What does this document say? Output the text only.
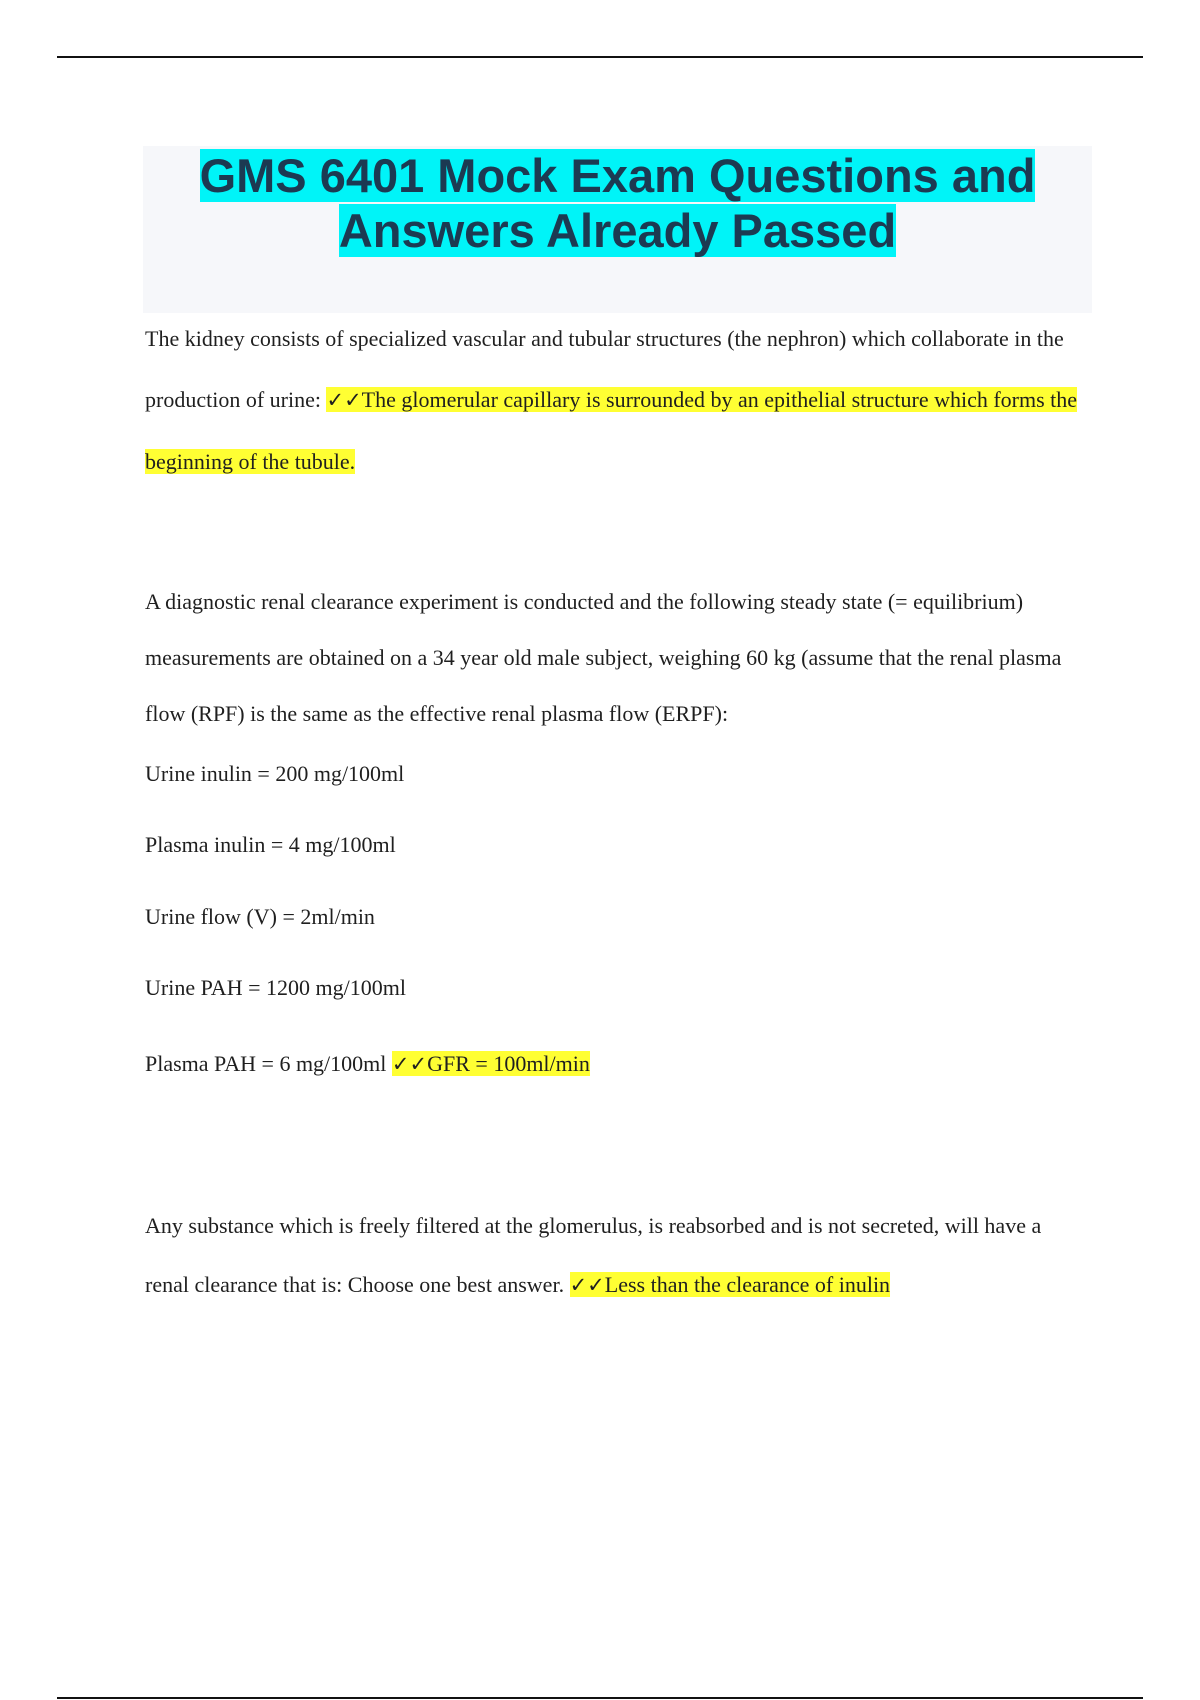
GMS 6401 Mock Exam Questions and Answers Already Passed

The kidney consists of specialized vascular and tubular structures (the nephron) which collaborate in the production of urine: ✓✓The glomerular capillary is surrounded by an epithelial structure which forms the beginning of the tubule.

A diagnostic renal clearance experiment is conducted and the following steady state (= equilibrium) measurements are obtained on a 34 year old male subject, weighing 60 kg (assume that the renal plasma flow (RPF) is the same as the effective renal plasma flow (ERPF):

Urine inulin = 200 mg/100ml

Plasma inulin = 4 mg/100ml

Urine flow (V) = 2ml/min

Urine PAH = 1200 mg/100ml

Plasma PAH = 6 mg/100ml ✓✓GFR = 100ml/min

Any substance which is freely filtered at the glomerulus, is reabsorbed and is not secreted, will have a renal clearance that is: Choose one best answer. ✓✓Less than the clearance of inulin
